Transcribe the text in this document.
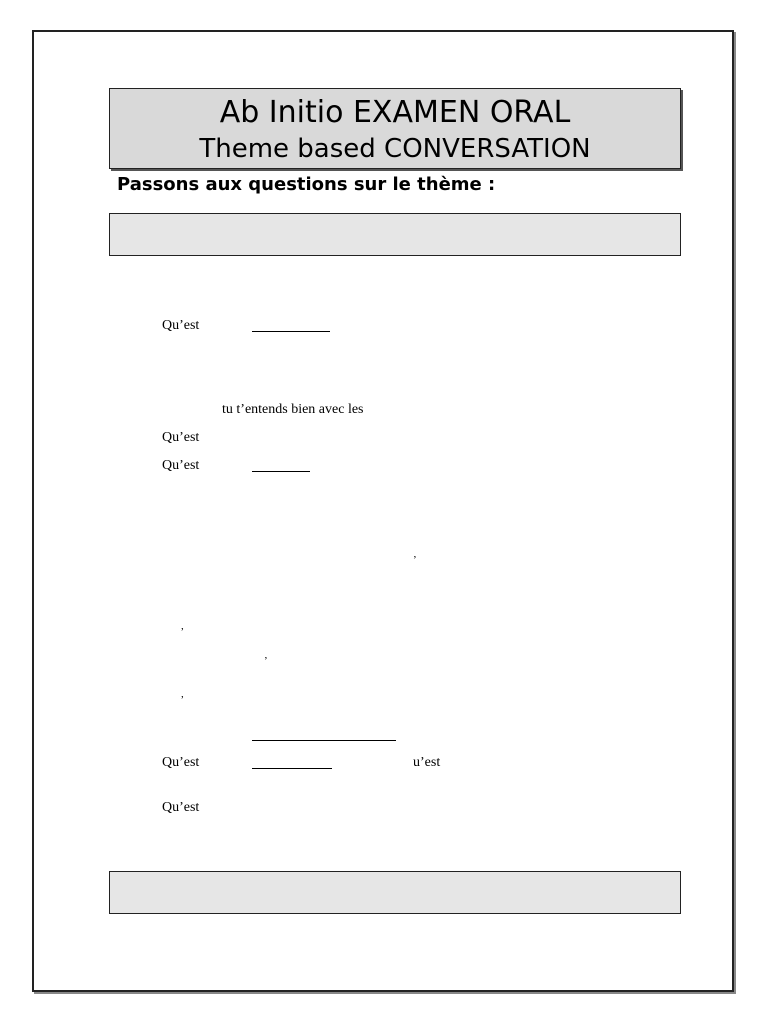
Ab Initio EXAMEN ORAL
Theme based CONVERSATION
Passons aux questions sur le thème :
Qu’est
tu t’entends bien avec les
Qu’est
Qu’est
’
,
’
,
Qu’est	u’est
Qu’est
